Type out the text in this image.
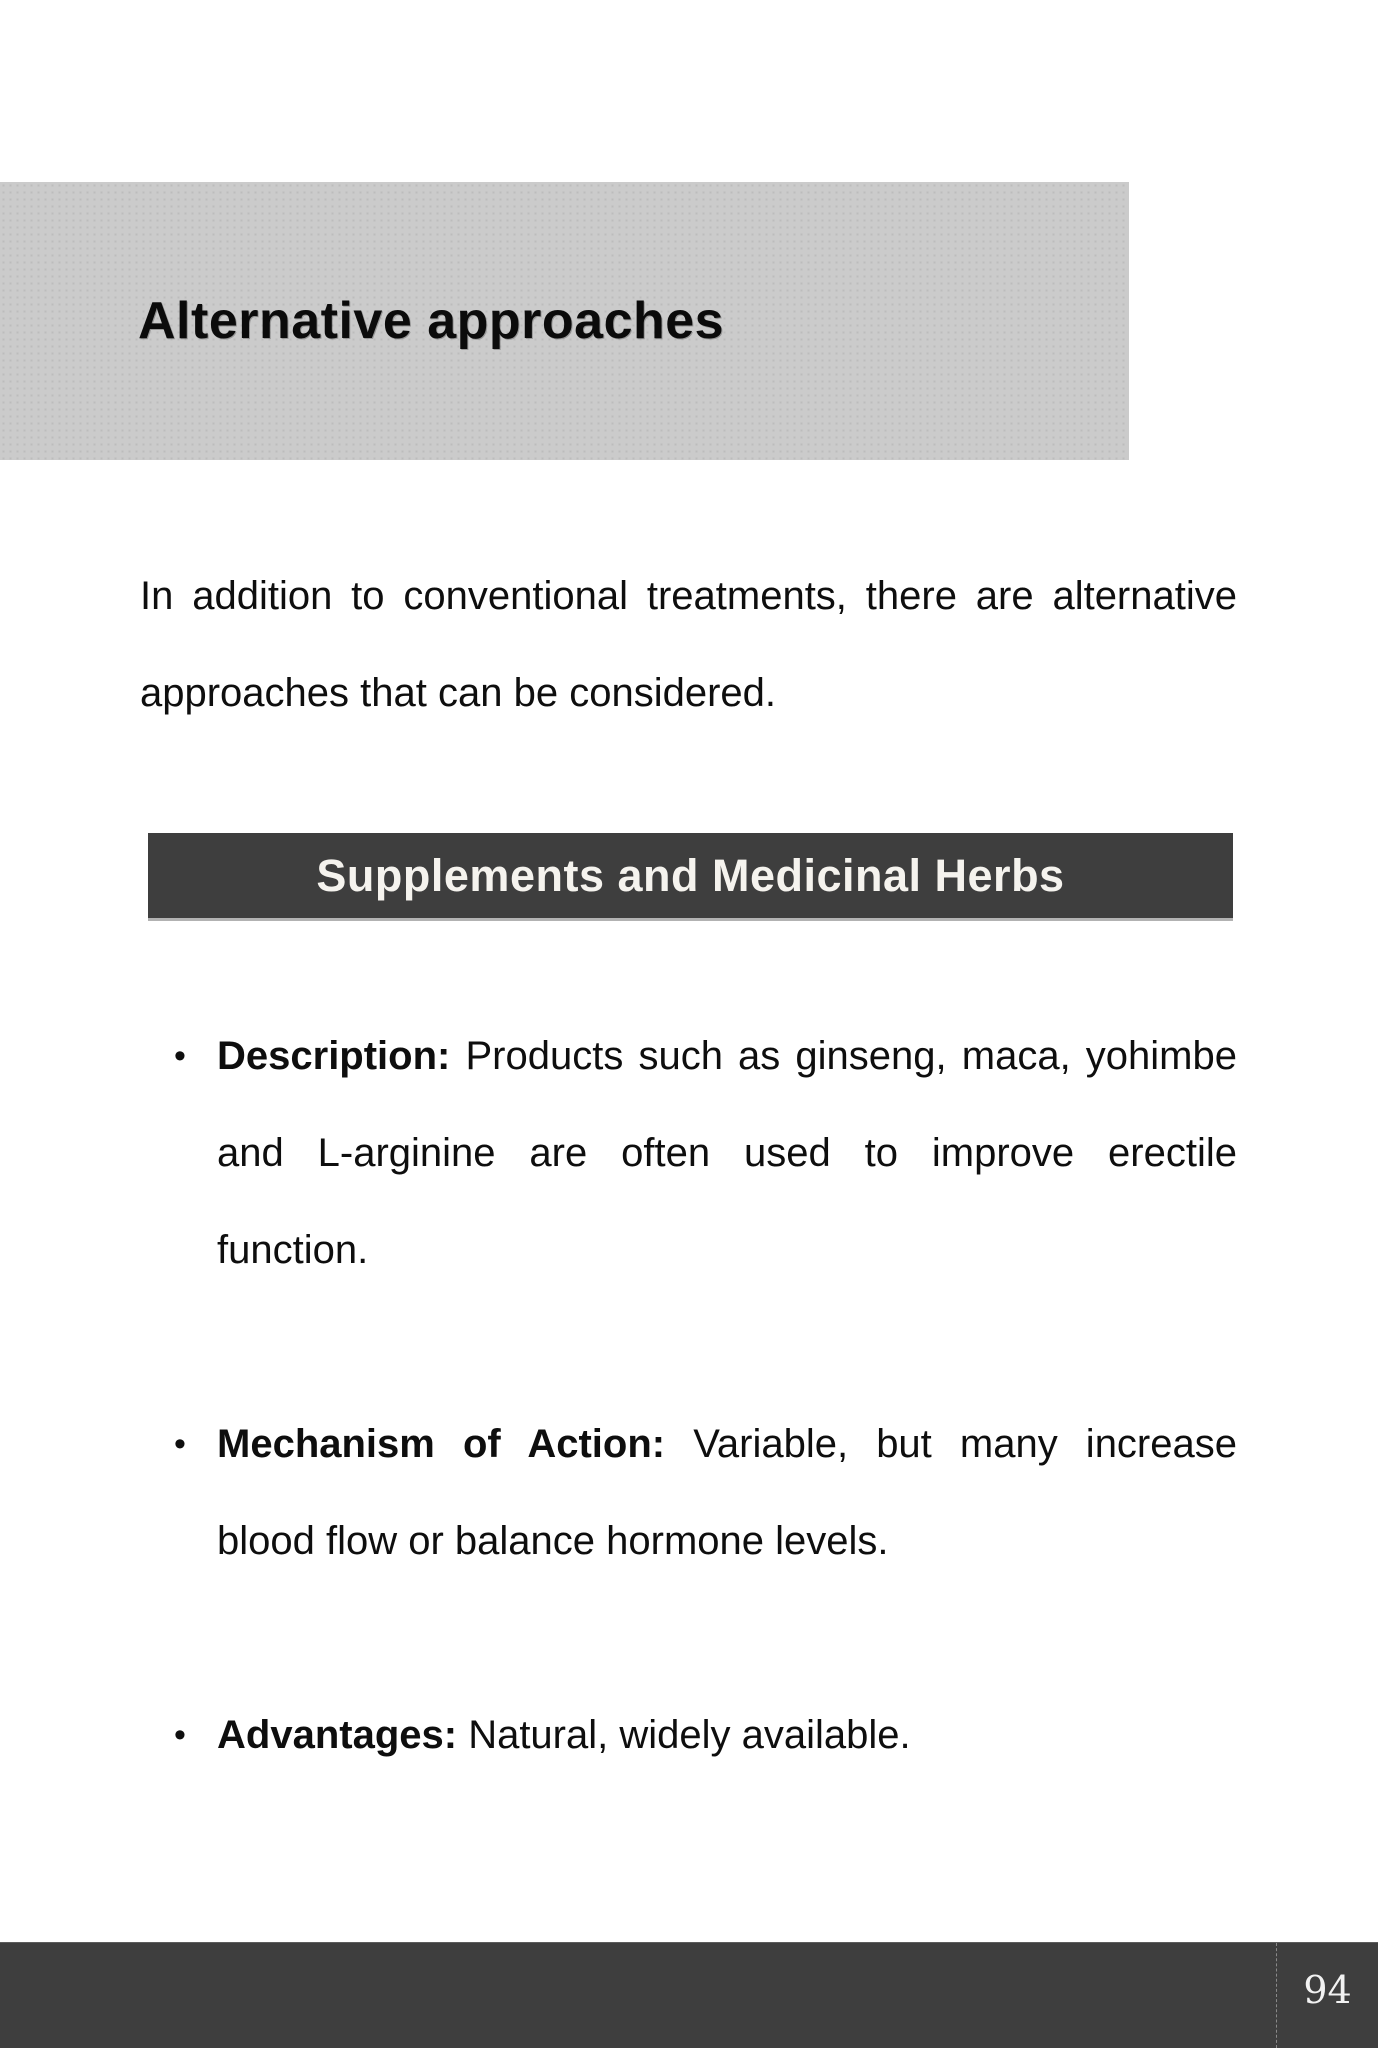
Alternative approaches

In addition to conventional treatments, there are alternative approaches that can be considered.

Supplements and Medicinal Herbs
• Description: Products such as ginseng, maca, yohimbe and L-arginine are often used to improve erectile function.
• Mechanism of Action: Variable, but many increase blood flow or balance hormone levels.
• Advantages: Natural, widely available.
94
